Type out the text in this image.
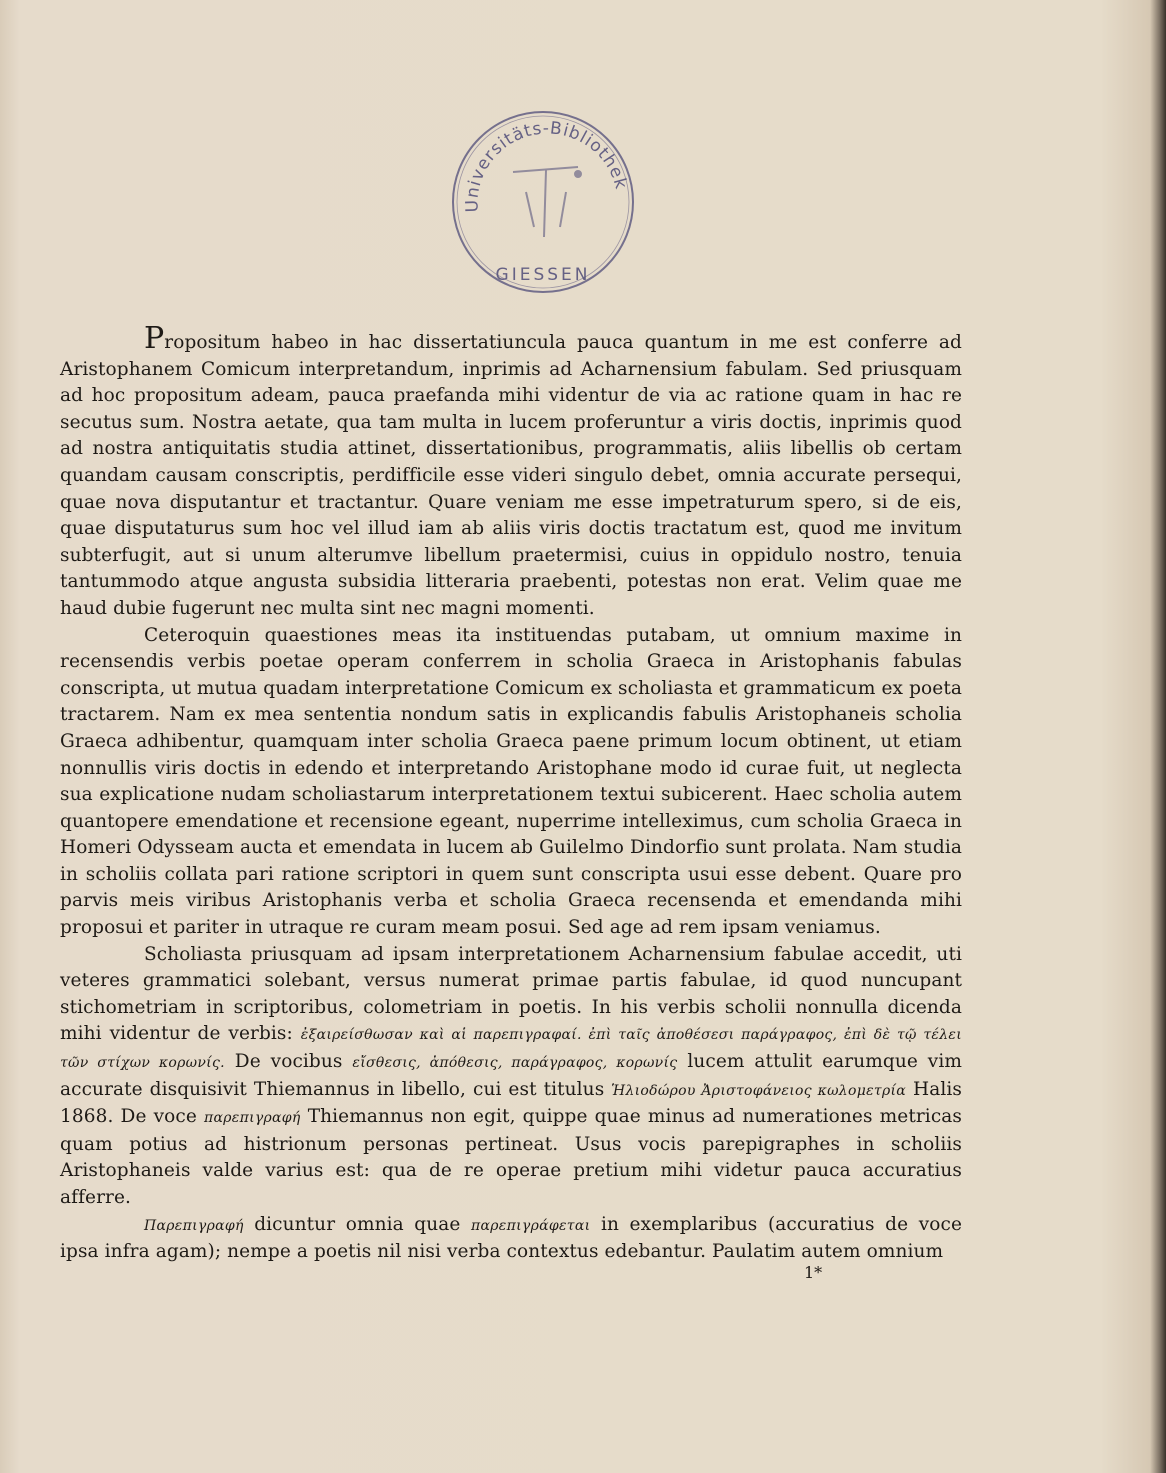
Universitäts-Bibliothek
GIESSEN

Propositum habeo in hac dissertatiuncula pauca quantum in me est conferre ad Aristophanem Comicum interpretandum, inprimis ad Acharnensium fabulam. Sed priusquam ad hoc propositum adeam, pauca praefanda mihi videntur de via ac ratione quam in hac re secutus sum. Nostra aetate, qua tam multa in lucem proferuntur a viris doctis, inprimis quod ad nostra antiquitatis studia attinet, dissertationibus, programmatis, aliis libellis ob certam quandam causam conscriptis, perdifficile esse videri singulo debet, omnia accurate persequi, quae nova disputantur et tractantur. Quare veniam me esse impetraturum spero, si de eis, quae disputaturus sum hoc vel illud iam ab aliis viris doctis tractatum est, quod me invitum subterfugit, aut si unum alterumve libellum praetermisi, cuius in oppidulo nostro, tenuia tantummodo atque angusta subsidia litteraria praebenti, potestas non erat. Velim quae me haud dubie fugerunt nec multa sint nec magni momenti.

Ceteroquin quaestiones meas ita instituendas putabam, ut omnium maxime in recensendis verbis poetae operam conferrem in scholia Graeca in Aristophanis fabulas conscripta, ut mutua quadam interpretatione Comicum ex scholiasta et grammaticum ex poeta tractarem. Nam ex mea sententia nondum satis in explicandis fabulis Aristophaneis scholia Graeca adhibentur, quamquam inter scholia Graeca paene primum locum obtinent, ut etiam nonnullis viris doctis in edendo et interpretando Aristophane modo id curae fuit, ut neglecta sua explicatione nudam scholiastarum interpretationem textui subicerent. Haec scholia autem quantopere emendatione et recensione egeant, nuperrime intelleximus, cum scholia Graeca in Homeri Odysseam aucta et emendata in lucem ab Guilelmo Dindorfio sunt prolata. Nam studia in scholiis collata pari ratione scriptori in quem sunt conscripta usui esse debent. Quare pro parvis meis viribus Aristophanis verba et scholia Graeca recensenda et emendanda mihi proposui et pariter in utraque re curam meam posui. Sed age ad rem ipsam veniamus.

Scholiasta priusquam ad ipsam interpretationem Acharnensium fabulae accedit, uti veteres grammatici solebant, versus numerat primae partis fabulae, id quod nuncupant stichometriam in scriptoribus, colometriam in poetis. In his verbis scholii nonnulla dicenda mihi videntur de verbis: ἐξαιρείσθωσαν καὶ αἱ παρεπιγραφαί. ἐπὶ ταῖς ἀποθέσεσι παράγραφος, ἐπὶ δὲ τῷ τέλει τῶν στίχων κορωνίς. De vocibus εἴσθεσις, ἀπόθεσις, παράγραφος, κορωνίς lucem attulit earumque vim accurate disquisivit Thiemannus in libello, cui est titulus Ἡλιοδώρου Ἀριστοφάνειος κωλομετρία Halis 1868. De voce παρεπιγραφή Thiemannus non egit, quippe quae minus ad numerationes metricas quam potius ad histrionum personas pertineat. Usus vocis parepigraphes in scholiis Aristophaneis valde varius est: qua de re operae pretium mihi videtur pauca accuratius afferre.

Παρεπιγραφή dicuntur omnia quae παρεπιγράφεται in exemplaribus (accuratius de voce ipsa infra agam); nempe a poetis nil nisi verba contextus edebantur. Paulatim autem omnium

1*
